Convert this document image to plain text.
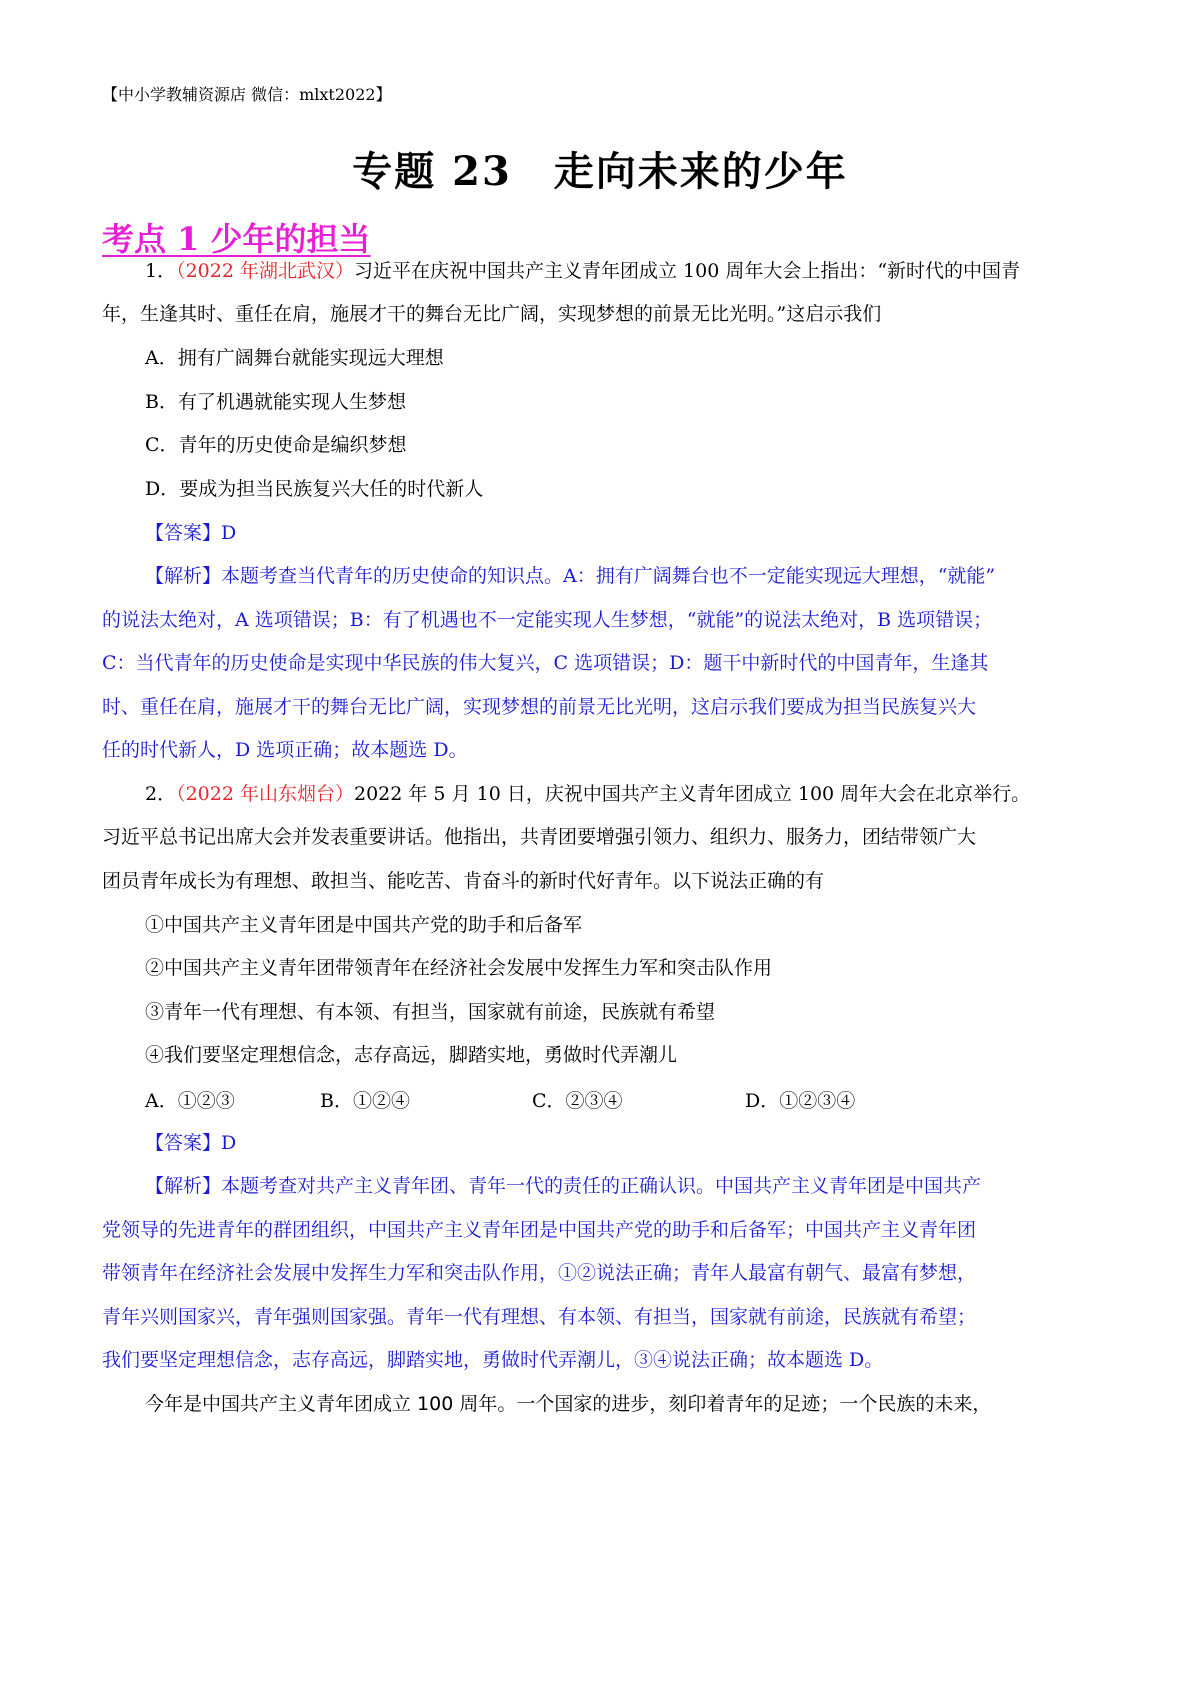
【中小学教辅资源店 微信：mlxt2022】
专题 23　走向未来的少年
考点 1 少年的担当
1．（2022 年湖北武汉）习近平在庆祝中国共产主义青年团成立 100 周年大会上指出：“新时代的中国青
年，生逢其时、重任在肩，施展才干的舞台无比广阔，实现梦想的前景无比光明。”这启示我们
A．拥有广阔舞台就能实现远大理想
B．有了机遇就能实现人生梦想
C．青年的历史使命是编织梦想
D．要成为担当民族复兴大任的时代新人
【答案】D
【解析】本题考查当代青年的历史使命的知识点。A：拥有广阔舞台也不一定能实现远大理想，“就能”
的说法太绝对，A 选项错误；B：有了机遇也不一定能实现人生梦想，“就能”的说法太绝对，B 选项错误；
C：当代青年的历史使命是实现中华民族的伟大复兴，C 选项错误；D：题干中新时代的中国青年，生逢其
时、重任在肩，施展才干的舞台无比广阔，实现梦想的前景无比光明，这启示我们要成为担当民族复兴大
任的时代新人，D 选项正确；故本题选 D。
2．（2022 年山东烟台）2022 年 5 月 10 日，庆祝中国共产主义青年团成立 100 周年大会在北京举行。
习近平总书记出席大会并发表重要讲话。他指出，共青团要增强引领力、组织力、服务力，团结带领广大
团员青年成长为有理想、敢担当、能吃苦、肯奋斗的新时代好青年。以下说法正确的有
①中国共产主义青年团是中国共产党的助手和后备军
②中国共产主义青年团带领青年在经济社会发展中发挥生力军和突击队作用
③青年一代有理想、有本领、有担当，国家就有前途，民族就有希望
④我们要坚定理想信念，志存高远，脚踏实地，勇做时代弄潮儿
A．①②③	B．①②④	C．②③④	D．①②③④
【答案】D
【解析】本题考查对共产主义青年团、青年一代的责任的正确认识。中国共产主义青年团是中国共产
党领导的先进青年的群团组织，中国共产主义青年团是中国共产党的助手和后备军；中国共产主义青年团
带领青年在经济社会发展中发挥生力军和突击队作用，①②说法正确；青年人最富有朝气、最富有梦想，
青年兴则国家兴，青年强则国家强。青年一代有理想、有本领、有担当，国家就有前途，民族就有希望；
我们要坚定理想信念，志存高远，脚踏实地，勇做时代弄潮儿，③④说法正确；故本题选 D。
今年是中国共产主义青年团成立 100 周年。一个国家的进步，刻印着青年的足迹；一个民族的未来，
